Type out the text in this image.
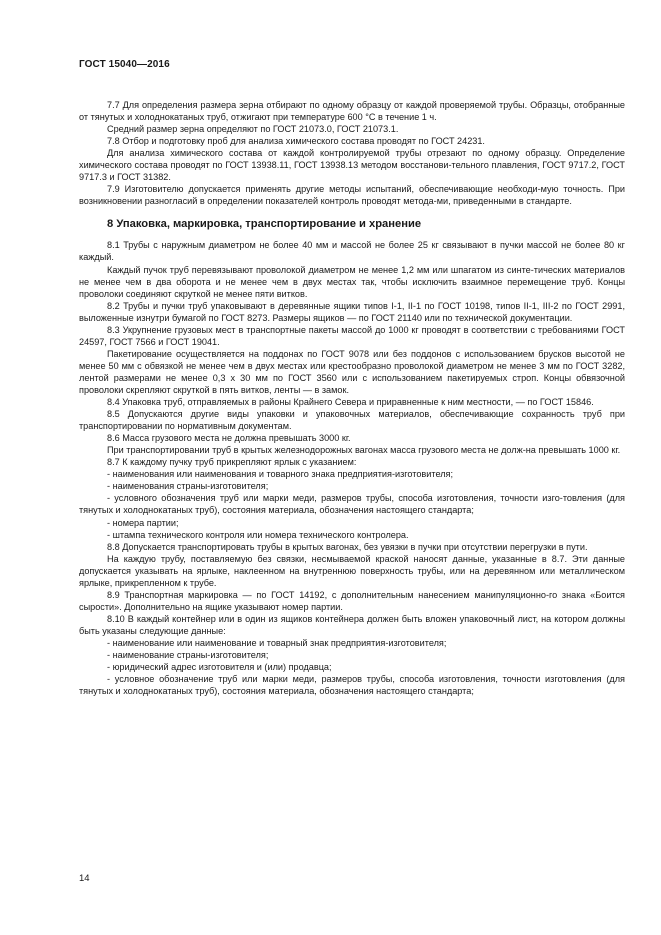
ГОСТ 15040—2016

7.7 Для определения размера зерна отбирают по одному образцу от каждой проверяемой трубы. Образцы, отобранные от тянутых и холоднокатаных труб, отжигают при температуре 600 °С в течение 1 ч.

Средний размер зерна определяют по ГОСТ 21073.0, ГОСТ 21073.1.

7.8 Отбор и подготовку проб для анализа химического состава проводят по ГОСТ 24231.

Для анализа химического состава от каждой контролируемой трубы отрезают по одному образцу. Определение химического состава проводят по ГОСТ 13938.11, ГОСТ 13938.13 методом восстанови-тельного плавления, ГОСТ 9717.2, ГОСТ 9717.3 и ГОСТ 31382.

7.9 Изготовителю допускается применять другие методы испытаний, обеспечивающие необходи-мую точность. При возникновении разногласий в определении показателей контроль проводят метода-ми, приведенными в стандарте.

8 Упаковка, маркировка, транспортирование и хранение

8.1 Трубы с наружным диаметром не более 40 мм и массой не более 25 кг связывают в пучки массой не более 80 кг каждый.

Каждый пучок труб перевязывают проволокой диаметром не менее 1,2 мм или шпагатом из синте-тических материалов не менее чем в два оборота и не менее чем в двух местах так, чтобы исключить взаимное перемещение труб. Концы проволоки соединяют скруткой не менее пяти витков.

8.2 Трубы и пучки труб упаковывают в деревянные ящики типов I-1, II-1 по ГОСТ 10198, типов II-1, III-2 по ГОСТ 2991, выложенные изнутри бумагой по ГОСТ 8273. Размеры ящиков — по ГОСТ 21140 или по технической документации.

8.3 Укрупнение грузовых мест в транспортные пакеты массой до 1000 кг проводят в соответствии с требованиями ГОСТ 24597, ГОСТ 7566 и ГОСТ 19041.

Пакетирование осуществляется на поддонах по ГОСТ 9078 или без поддонов с использованием брусков высотой не менее 50 мм с обвязкой не менее чем в двух местах или крестообразно проволокой диаметром не менее 3 мм по ГОСТ 3282, лентой размерами не менее 0,3 х 30 мм по ГОСТ 3560 или с использованием пакетируемых строп. Концы обвязочной проволоки скрепляют скруткой в пять витков, ленты — в замок.

8.4 Упаковка труб, отправляемых в районы Крайнего Севера и приравненные к ним местности, — по ГОСТ 15846.

8.5 Допускаются другие виды упаковки и упаковочных материалов, обеспечивающие сохранность труб при транспортировании по нормативным документам.

8.6 Масса грузового места не должна превышать 3000 кг.

При транспортировании труб в крытых железнодорожных вагонах масса грузового места не долж-на превышать 1000 кг.

8.7 К каждому пучку труб прикрепляют ярлык с указанием:

- наименования или наименования и товарного знака предприятия-изготовителя;

- наименования страны-изготовителя;

- условного обозначения труб или марки меди, размеров трубы, способа изготовления, точности изго-товления (для тянутых и холоднокатаных труб), состояния материала, обозначения настоящего стандарта;

- номера партии;

- штампа технического контроля или номера технического контролера.

8.8 Допускается транспортировать трубы в крытых вагонах, без увязки в пучки при отсутствии перегрузки в пути.

На каждую трубу, поставляемую без связки, несмываемой краской наносят данные, указанные в 8.7. Эти данные допускается указывать на ярлыке, наклеенном на внутреннюю поверхность трубы, или на деревянном или металлическом ярлыке, прикрепленном к трубе.

8.9 Транспортная маркировка — по ГОСТ 14192, с дополнительным нанесением манипуляционно-го знака «Боится сырости». Дополнительно на ящике указывают номер партии.

8.10 В каждый контейнер или в один из ящиков контейнера должен быть вложен упаковочный лист, на котором должны быть указаны следующие данные:

- наименование или наименование и товарный знак предприятия-изготовителя;

- наименование страны-изготовителя;

- юридический адрес изготовителя и (или) продавца;

- условное обозначение труб или марки меди, размеров трубы, способа изготовления, точности изготовления (для тянутых и холоднокатаных труб), состояния материала, обозначения настоящего стандарта;

14
